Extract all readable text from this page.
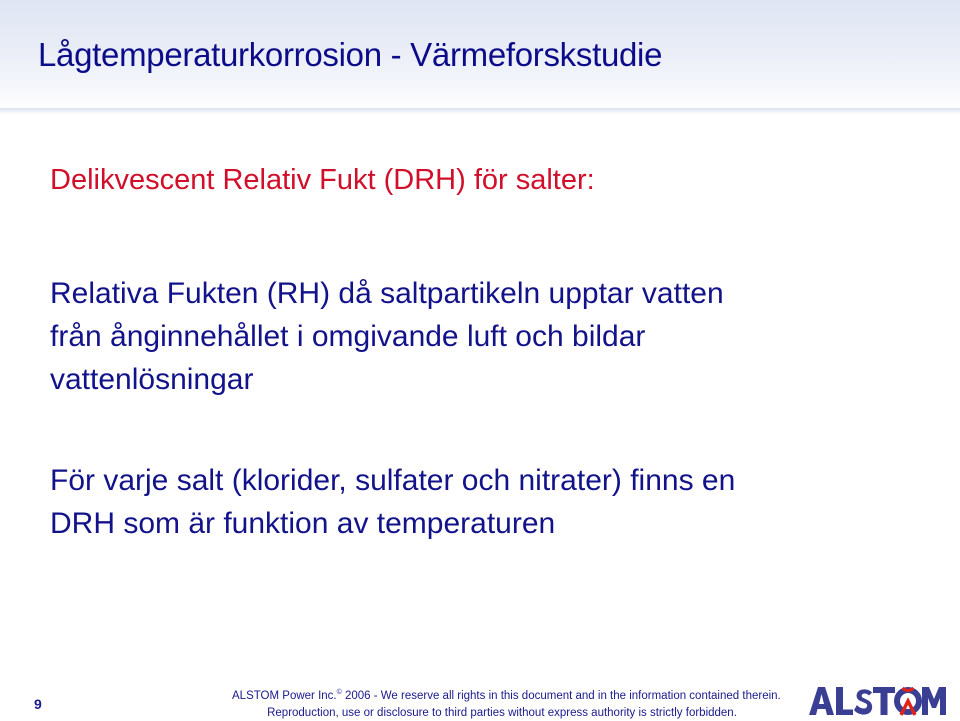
Lågtemperaturkorrosion - Värmeforskstudie
Delikvescent Relativ Fukt (DRH) för salter:
Relativa Fukten (RH) då saltpartikeln upptar vatten
från ånginnehållet i omgivande luft och bildar
vattenlösningar
För varje salt (klorider, sulfater och nitrater) finns en
DRH som är funktion av temperaturen
9
ALSTOM Power Inc.© 2006 - We reserve all rights in this document and in the information contained therein.
Reproduction, use or disclosure to third parties without express authority is strictly forbidden.
